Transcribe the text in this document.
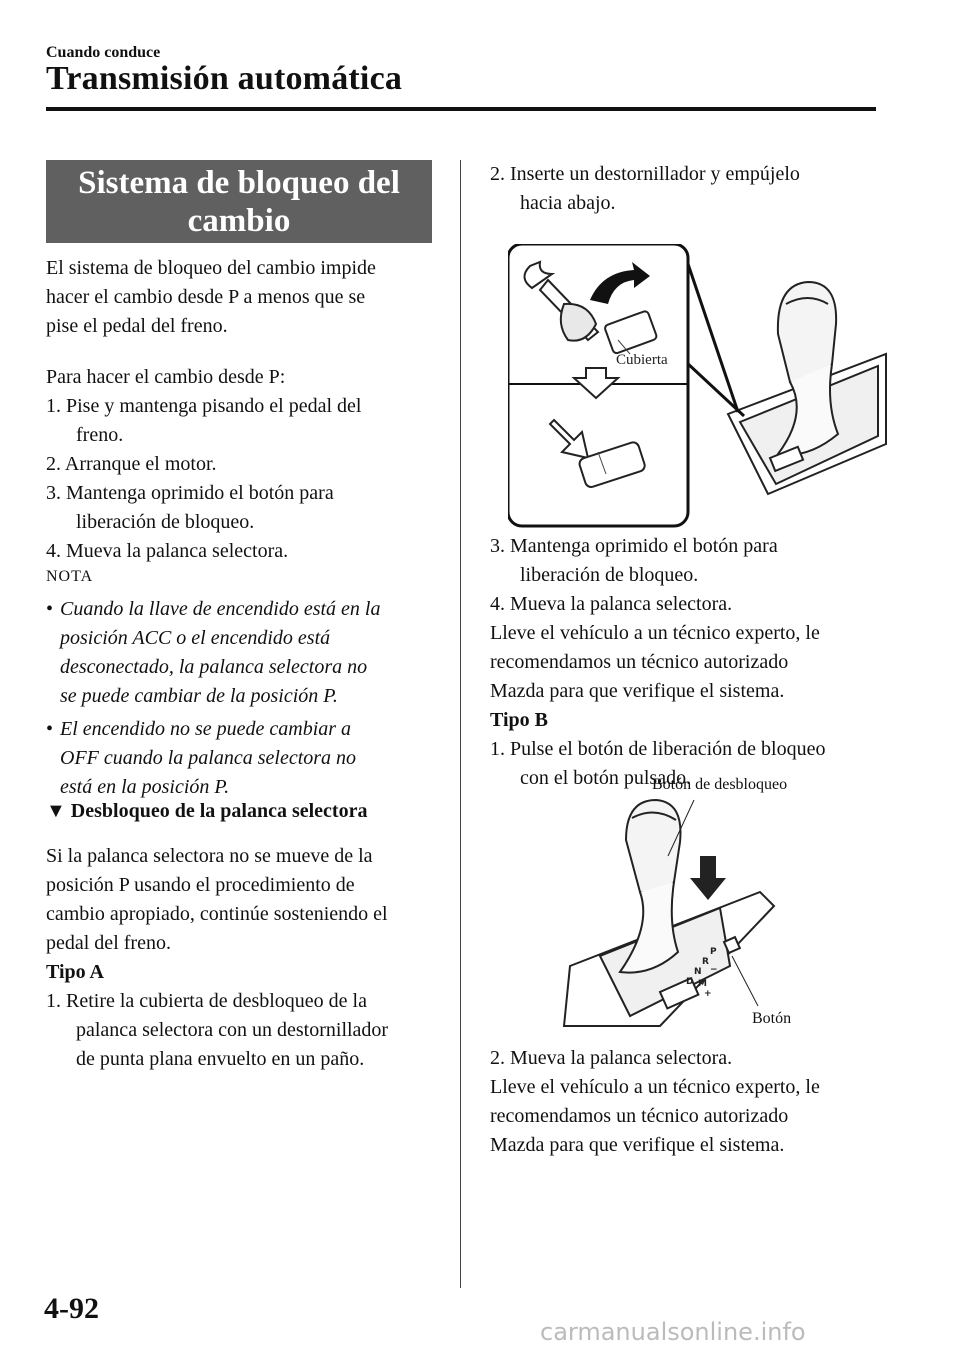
Cuando conduce
Transmisión automática
Sistema de bloqueo del
cambio

El sistema de bloqueo del cambio impide

hacer el cambio desde P a menos que se

pise el pedal del freno.

Para hacer el cambio desde P:

1. Pise y mantenga pisando el pedal del
freno.
2. Arranque el motor.
3. Mantenga oprimido el botón para
liberación de bloqueo.
4. Mueva la palanca selectora.
NOTA
• Cuando la llave de encendido está en la
posición ACC o el encendido está
desconectado, la palanca selectora no
se puede cambiar de la posición P.
• El encendido no se puede cambiar a
OFF cuando la palanca selectora no
está en la posición P.
▼ Desbloqueo de la palanca selectora

Si la palanca selectora no se mueve de la

posición P usando el procedimiento de

cambio apropiado, continúe sosteniendo el

pedal del freno.

Tipo A

1. Retire la cubierta de desbloqueo de la
palanca selectora con un destornillador
de punta plana envuelto en un paño.
2. Inserte un destornillador y empújelo
hacia abajo.
Cubierta
3. Mantenga oprimido el botón para
liberación de bloqueo.
4. Mueva la palanca selectora.

Lleve el vehículo a un técnico experto, le

recomendamos un técnico autorizado

Mazda para que verifique el sistema.

Tipo B

1. Pulse el botón de liberación de bloqueo
con el botón pulsado.
Botón de desbloqueo
P
R
N
D M
+
−
Botón
2. Mueva la palanca selectora.

Lleve el vehículo a un técnico experto, le

recomendamos un técnico autorizado

Mazda para que verifique el sistema.

4-92
carmanualsonline.info
